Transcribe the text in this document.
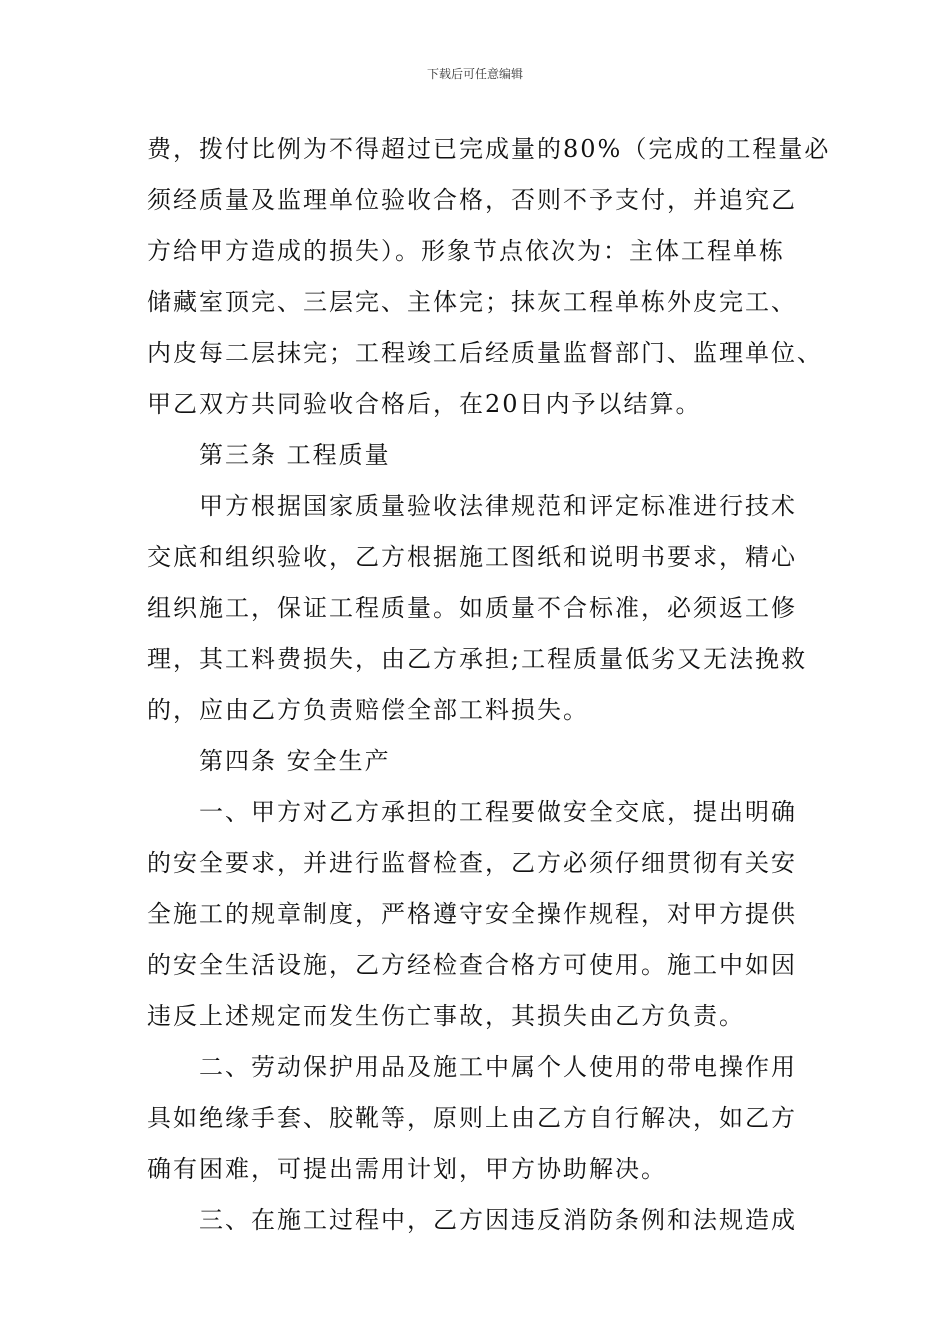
下载后可任意编辑
费，拨付比例为不得超过已完成量的80%（完成的工程量必
须经质量及监理单位验收合格，否则不予支付，并追究乙
方给甲方造成的损失）。形象节点依次为：主体工程单栋
储藏室顶完、三层完、主体完；抹灰工程单栋外皮完工、
内皮每二层抹完；工程竣工后经质量监督部门、监理单位、
甲乙双方共同验收合格后，在20日内予以结算。
第三条 工程质量
甲方根据国家质量验收法律规范和评定标准进行技术
交底和组织验收，乙方根据施工图纸和说明书要求，精心
组织施工，保证工程质量。如质量不合标准，必须返工修
理，其工料费损失，由乙方承担;工程质量低劣又无法挽救
的，应由乙方负责赔偿全部工料损失。
第四条 安全生产
一、甲方对乙方承担的工程要做安全交底，提出明确
的安全要求，并进行监督检查，乙方必须仔细贯彻有关安
全施工的规章制度，严格遵守安全操作规程，对甲方提供
的安全生活设施，乙方经检查合格方可使用。施工中如因
违反上述规定而发生伤亡事故，其损失由乙方负责。
二、劳动保护用品及施工中属个人使用的带电操作用
具如绝缘手套、胶靴等，原则上由乙方自行解决，如乙方
确有困难，可提出需用计划，甲方协助解决。
三、在施工过程中，乙方因违反消防条例和法规造成
